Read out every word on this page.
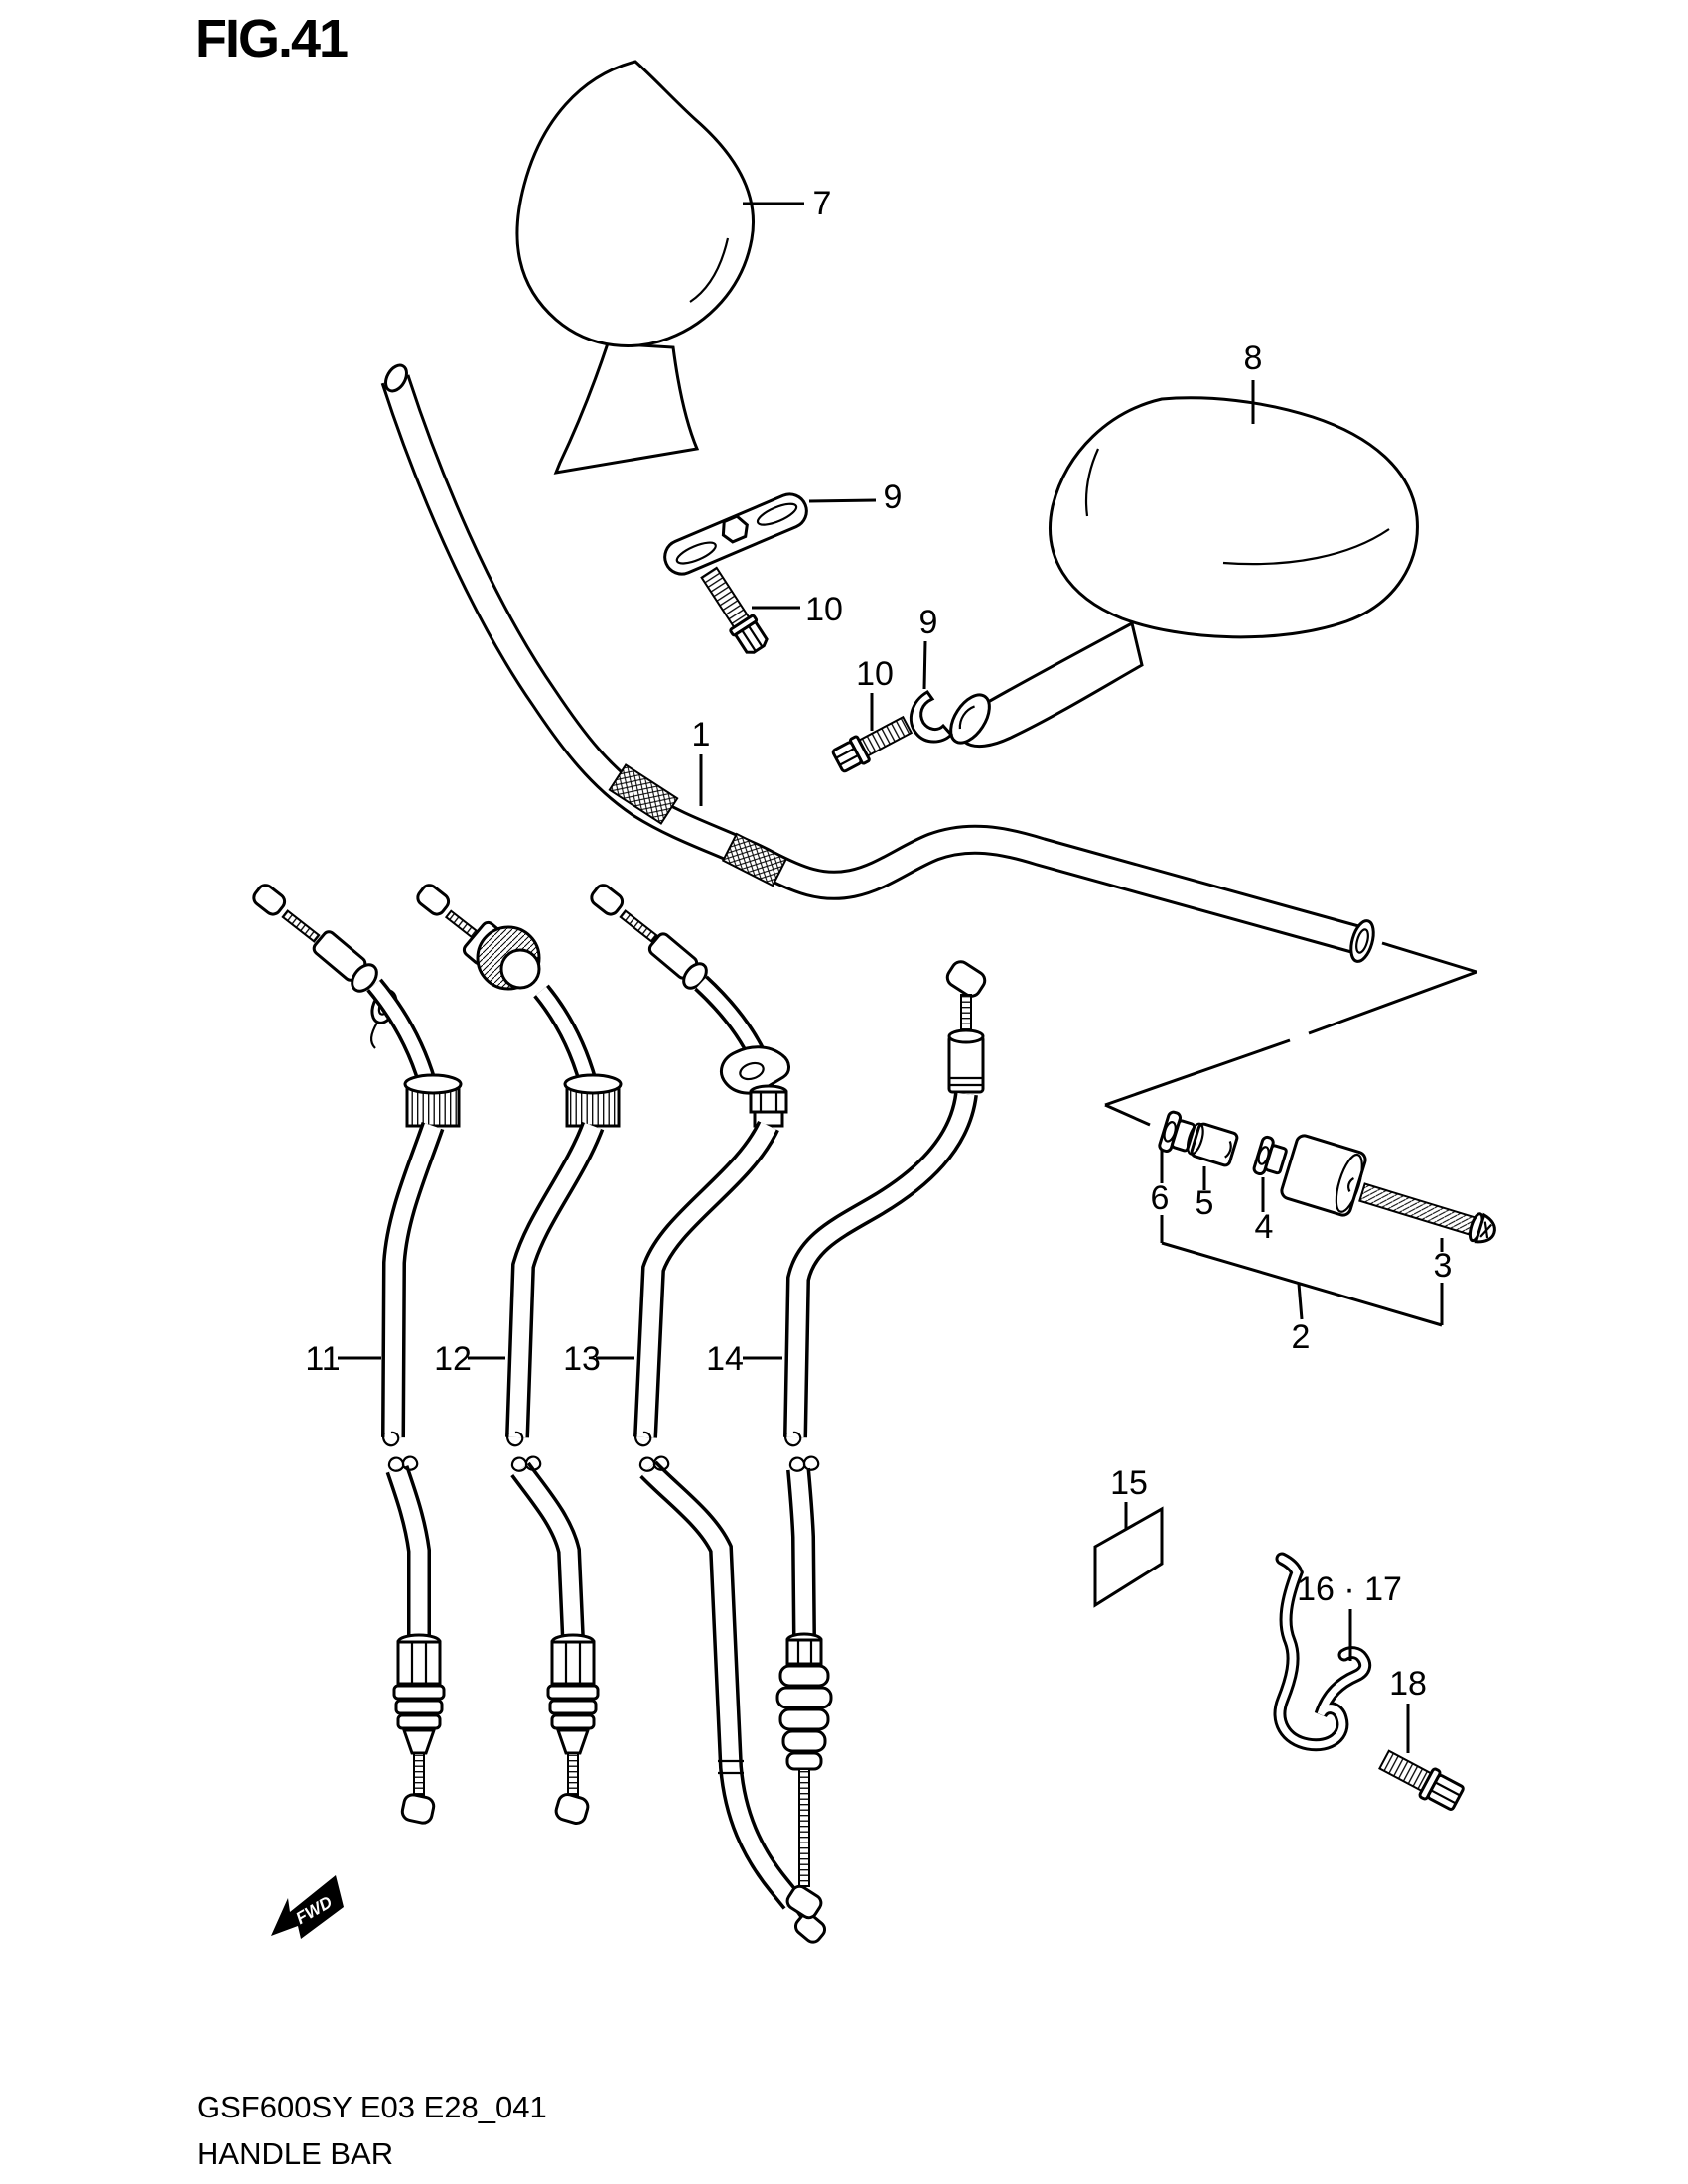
FIG.41
FWD
1
2
3
4
5
6
7
8
9
10 9
10
11	12	13	14
15
16 · 17
18
GSF600SY E03 E28_041
HANDLE BAR
